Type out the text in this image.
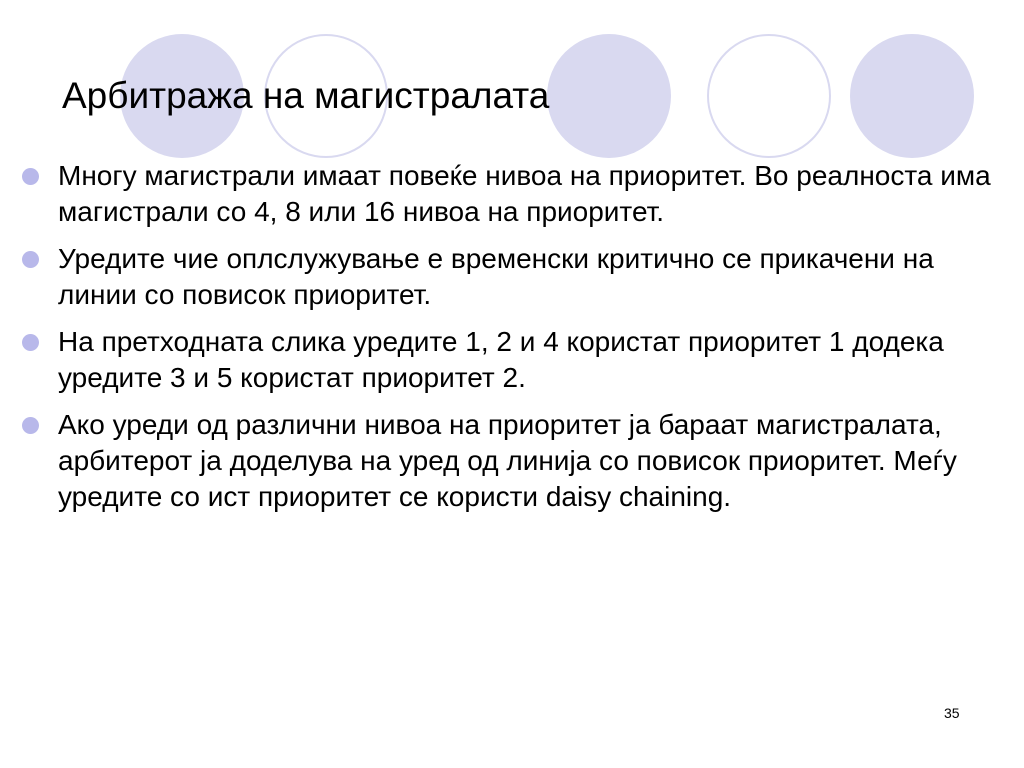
Арбитража на магистралата
Многу магистрали имаат повеќе нивоа на приоритет. Во реалноста има магистрали со 4, 8 или 16 нивоа на приоритет.
Уредите чие оплслужување е временски критично се прикачени на линии со повисок приоритет.
На претходната слика уредите 1, 2 и 4 користат приоритет 1 додека уредите 3 и 5 користат приоритет 2.
Ако уреди од различни нивоа на приоритет ја бараат магистралата, арбитерот ја доделува на уред од линија со повисок приоритет. Меѓу уредите со ист приоритет се користи daisy chaining.
35
